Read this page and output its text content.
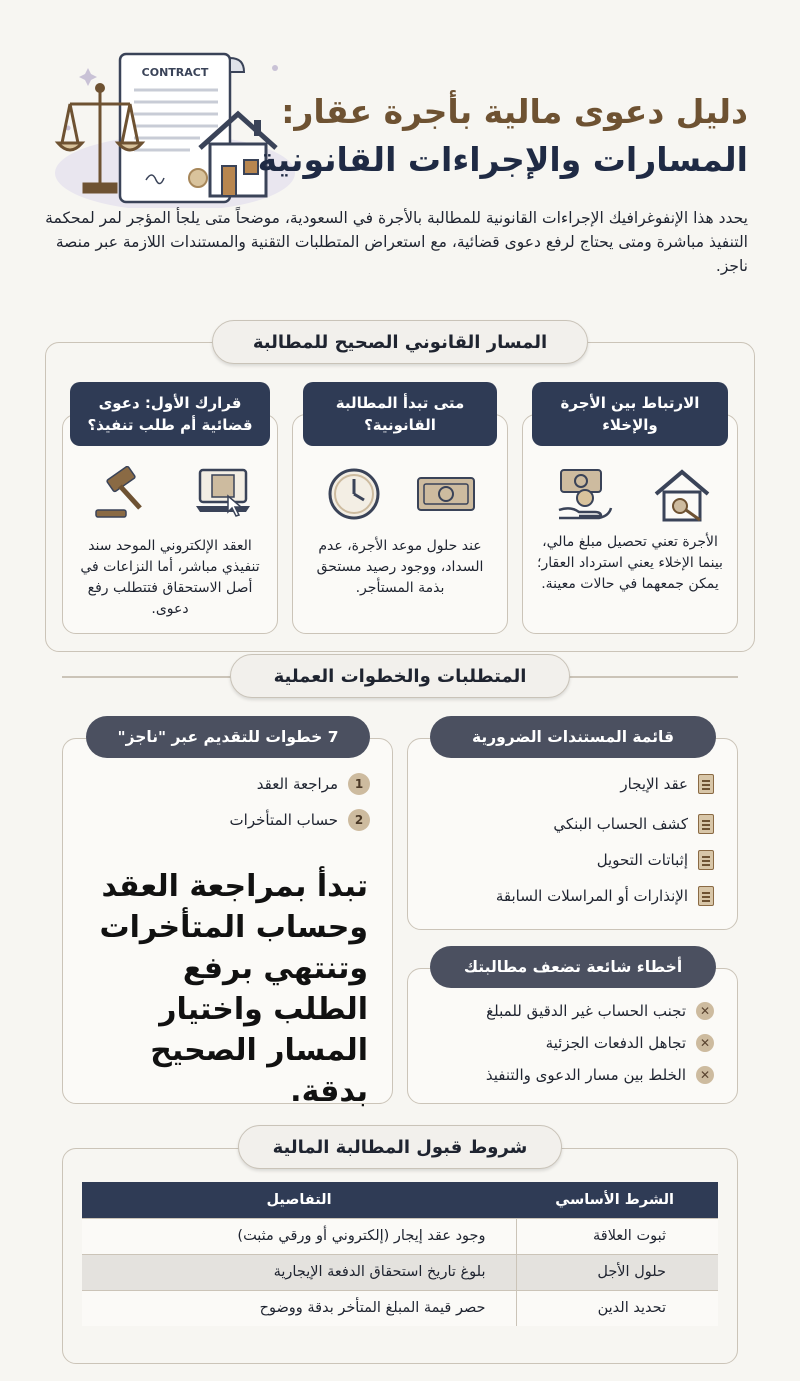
CONTRACT
دليل دعوى مالية بأجرة عقار:
المسارات والإجراءات القانونية
يحدد هذا الإنفوغرافيك الإجراءات القانونية للمطالبة بالأجرة في السعودية، موضحاً متى يلجأ المؤجر لمر لمحكمة التنفيذ مباشرة ومتى يحتاج لرفع دعوى قضائية، مع استعراض المتطلبات التقنية والمستندات اللازمة عبر منصة ناجز.
المسار القانوني الصحيح للمطالبة
الارتباط بين الأجرة والإخلاء
الأجرة تعني تحصيل مبلغ مالي، بينما الإخلاء يعني استرداد العقار؛ يمكن جمعهما في حالات معينة.
متى تبدأ المطالبة القانونية؟
عند حلول موعد الأجرة، عدم السداد، ووجود رصيد مستحق بذمة المستأجر.
قرارك الأول: دعوى قضائية أم طلب تنفيذ؟
العقد الإلكتروني الموحد سند تنفيذي مباشر، أما النزاعات في أصل الاستحقاق فتتطلب رفع دعوى.
المتطلبات والخطوات العملية
قائمة المستندات الضرورية
عقد الإيجار
كشف الحساب البنكي
إثباتات التحويل
الإنذارات أو المراسلات السابقة
أخطاء شائعة تضعف مطالبتك
✕
تجنب الحساب غير الدقيق للمبلغ
✕
تجاهل الدفعات الجزئية
✕
الخلط بين مسار الدعوى والتنفيذ
7 خطوات للتقديم عبر "ناجز"
1
مراجعة العقد
2
حساب المتأخرات
تبدأ بمراجعة العقد وحساب المتأخرات وتنتهي برفع الطلب واختيار المسار الصحيح بدقة.
شروط قبول المطالبة المالية
الشرط الأساسي	التفاصيل
ثبوت العلاقة	وجود عقد إيجار (إلكتروني أو ورقي مثبت)
حلول الأجل	بلوغ تاريخ استحقاق الدفعة الإيجارية
تحديد الدين	حصر قيمة المبلغ المتأخر بدقة ووضوح
